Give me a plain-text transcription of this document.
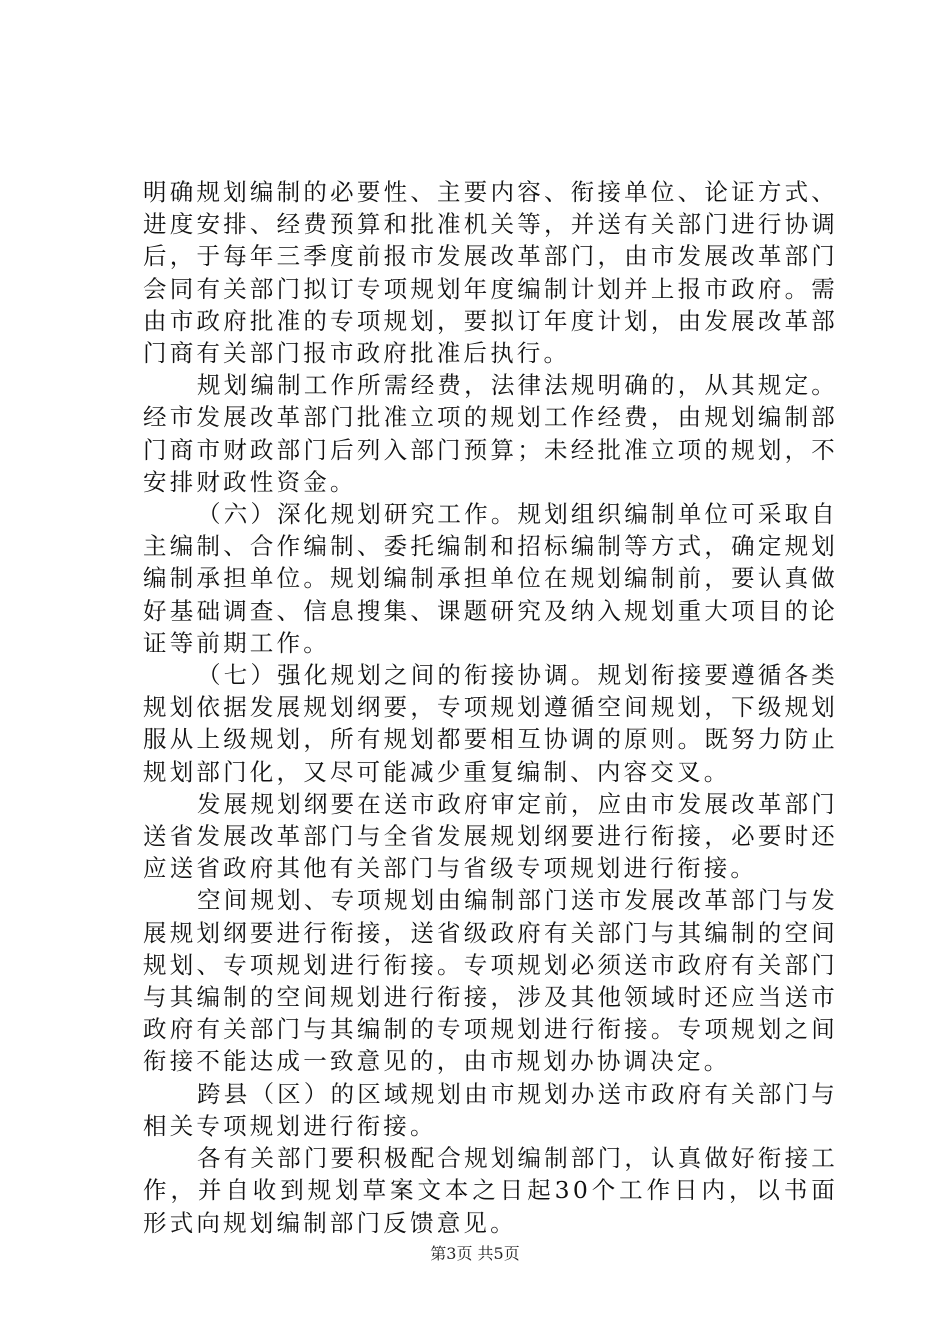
明确规划编制的必要性、主要内容、衔接单位、论证方式、进度安排、经费预算和批准机关等，并送有关部门进行协调后，于每年三季度前报市发展改革部门，由市发展改革部门会同有关部门拟订专项规划年度编制计划并上报市政府。需由市政府批准的专项规划，要拟订年度计划，由发展改革部门商有关部门报市政府批准后执行。

规划编制工作所需经费，法律法规明确的，从其规定。经市发展改革部门批准立项的规划工作经费，由规划编制部门商市财政部门后列入部门预算；未经批准立项的规划，不安排财政性资金。

（六）深化规划研究工作。规划组织编制单位可采取自主编制、合作编制、委托编制和招标编制等方式，确定规划编制承担单位。规划编制承担单位在规划编制前，要认真做好基础调查、信息搜集、课题研究及纳入规划重大项目的论证等前期工作。

（七）强化规划之间的衔接协调。规划衔接要遵循各类规划依据发展规划纲要，专项规划遵循空间规划，下级规划服从上级规划，所有规划都要相互协调的原则。既努力防止规划部门化，又尽可能减少重复编制、内容交叉。

发展规划纲要在送市政府审定前，应由市发展改革部门送省发展改革部门与全省发展规划纲要进行衔接，必要时还应送省政府其他有关部门与省级专项规划进行衔接。

空间规划、专项规划由编制部门送市发展改革部门与发展规划纲要进行衔接，送省级政府有关部门与其编制的空间规划、专项规划进行衔接。专项规划必须送市政府有关部门与其编制的空间规划进行衔接，涉及其他领域时还应当送市政府有关部门与其编制的专项规划进行衔接。专项规划之间衔接不能达成一致意见的，由市规划办协调决定。

跨县（区）的区域规划由市规划办送市政府有关部门与相关专项规划进行衔接。

各有关部门要积极配合规划编制部门，认真做好衔接工作，并自收到规划草案文本之日起30个工作日内，以书面形式向规划编制部门反馈意见。

第3页 共5页
